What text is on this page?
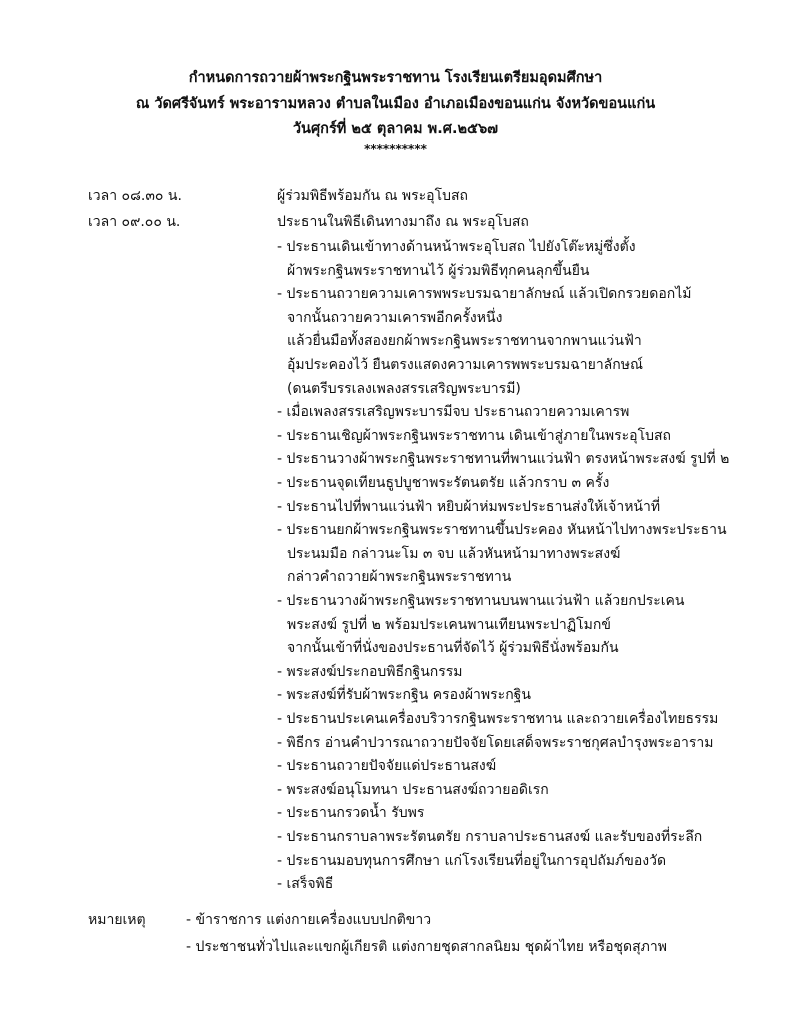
กำหนดการถวายผ้าพระกฐินพระราชทาน โรงเรียนเตรียมอุดมศึกษา
ณ วัดศรีจันทร์ พระอารามหลวง ตำบลในเมือง อำเภอเมืองขอนแก่น จังหวัดขอนแก่น
วันศุกร์ที่ ๒๕ ตุลาคม พ.ศ.๒๕๖๗
**********
เวลา ๐๘.๓๐ น.	ผู้ร่วมพิธีพร้อมกัน ณ พระอุโบสถ
เวลา ๐๙.๐๐ น.	ประธานในพิธีเดินทางมาถึง ณ พระอุโบสถ
- ประธานเดินเข้าทางด้านหน้าพระอุโบสถ ไปยังโต๊ะหมู่ซึ่งตั้ง
ผ้าพระกฐินพระราชทานไว้ ผู้ร่วมพิธีทุกคนลุกขึ้นยืน
- ประธานถวายความเคารพพระบรมฉายาลักษณ์ แล้วเปิดกรวยดอกไม้
จากนั้นถวายความเคารพอีกครั้งหนึ่ง
แล้วยื่นมือทั้งสองยกผ้าพระกฐินพระราชทานจากพานแว่นฟ้า
อุ้มประคองไว้ ยืนตรงแสดงความเคารพพระบรมฉายาลักษณ์
(ดนตรีบรรเลงเพลงสรรเสริญพระบารมี)
- เมื่อเพลงสรรเสริญพระบารมีจบ ประธานถวายความเคารพ
- ประธานเชิญผ้าพระกฐินพระราชทาน เดินเข้าสู่ภายในพระอุโบสถ
- ประธานวางผ้าพระกฐินพระราชทานที่พานแว่นฟ้า ตรงหน้าพระสงฆ์ รูปที่ ๒
- ประธานจุดเทียนธูปบูชาพระรัตนตรัย แล้วกราบ ๓ ครั้ง
- ประธานไปที่พานแว่นฟ้า หยิบผ้าห่มพระประธานส่งให้เจ้าหน้าที่
- ประธานยกผ้าพระกฐินพระราชทานขึ้นประคอง หันหน้าไปทางพระประธาน
ประนมมือ กล่าวนะโม ๓ จบ แล้วหันหน้ามาทางพระสงฆ์
กล่าวคำถวายผ้าพระกฐินพระราชทาน
- ประธานวางผ้าพระกฐินพระราชทานบนพานแว่นฟ้า แล้วยกประเคน
พระสงฆ์ รูปที่ ๒ พร้อมประเคนพานเทียนพระปาฏิโมกข์
จากนั้นเข้าที่นั่งของประธานที่จัดไว้ ผู้ร่วมพิธีนั่งพร้อมกัน
- พระสงฆ์ประกอบพิธีกฐินกรรม
- พระสงฆ์ที่รับผ้าพระกฐิน ครองผ้าพระกฐิน
- ประธานประเคนเครื่องบริวารกฐินพระราชทาน และถวายเครื่องไทยธรรม
- พิธีกร อ่านคำปวารณาถวายปัจจัยโดยเสด็จพระราชกุศลบำรุงพระอาราม
- ประธานถวายปัจจัยแด่ประธานสงฆ์
- พระสงฆ์อนุโมทนา ประธานสงฆ์ถวายอดิเรก
- ประธานกรวดน้ำ รับพร
- ประธานกราบลาพระรัตนตรัย กราบลาประธานสงฆ์ และรับของที่ระลึก
- ประธานมอบทุนการศึกษา แก่โรงเรียนที่อยู่ในการอุปถัมภ์ของวัด
- เสร็จพิธี
หมายเหตุ	- ข้าราชการ แต่งกายเครื่องแบบปกติขาว
- ประชาชนทั่วไปและแขกผู้เกียรติ แต่งกายชุดสากลนิยม ชุดผ้าไทย หรือชุดสุภาพ
